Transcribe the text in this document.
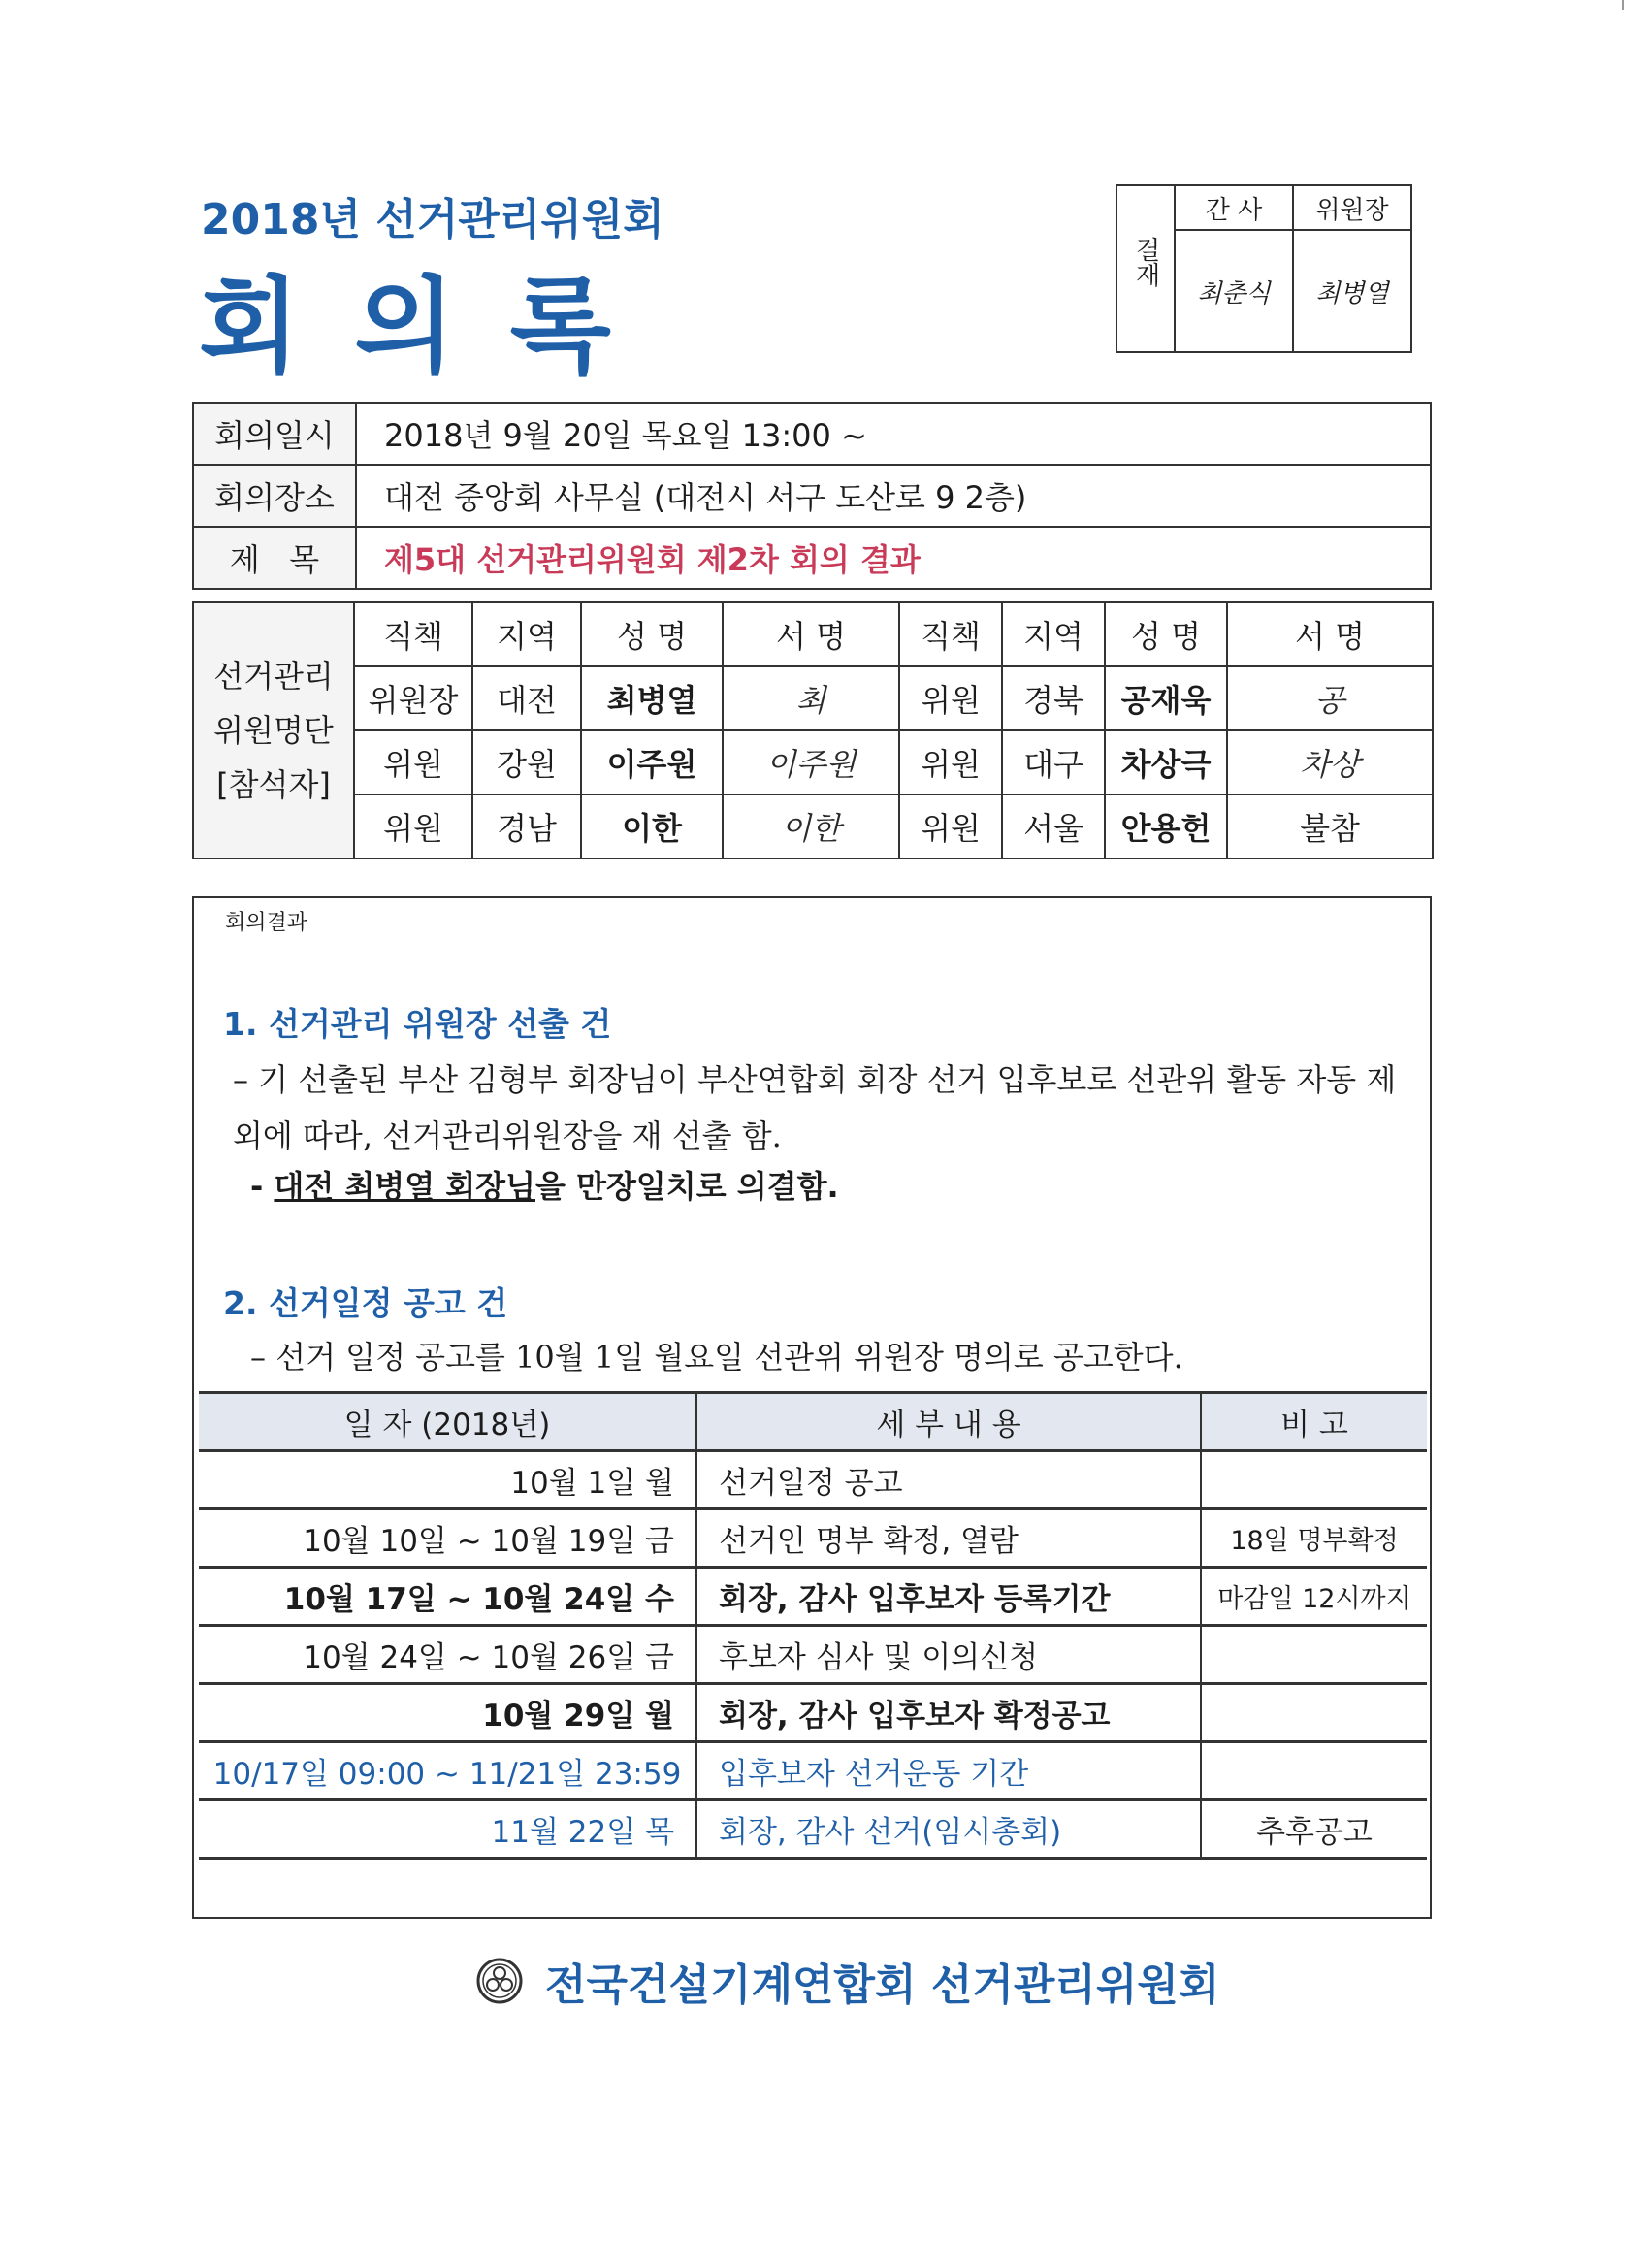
2018년 선거관리위원회
회의록
결재	간 사	위원장
	최춘식	최병열
회의일시	2018년 9월 20일 목요일 13:00 ~
회의장소	대전 중앙회 사무실 (대전시 서구 도산로 9 2층)
제   목	제5대 선거관리위원회 제2차 회의 결과
선거관리
위원명단
[참석자]	직책	지역	성 명	서 명	직책	지역	성 명	서 명
	위원장	대전	최병열	최	위원	경북	공재욱	공
	위원	강원	이주원	이주원	위원	대구	차상극	차상
	위원	경남	이한	이한	위원	서울	안용헌	불참
회의결과
1. 선거관리 위원장 선출 건
– 기 선출된 부산 김형부 회장님이 부산연합회 회장 선거 입후보로 선관위 활동 자동 제외에 따라, 선거관리위원장을 재 선출 함.
- 대전 최병열 회장님을 만장일치로 의결함.
2. 선거일정 공고 건
– 선거 일정 공고를 10월 1일 월요일 선관위 위원장 명의로 공고한다.
일 자 (2018년)	세 부 내 용	비 고
10월 1일 월	선거일정 공고	
10월 10일 ~ 10월 19일 금	선거인 명부 확정, 열람	18일 명부확정
10월 17일 ~ 10월 24일 수	회장, 감사 입후보자 등록기간	마감일 12시까지
10월 24일 ~ 10월 26일 금	후보자 심사 및 이의신청	
10월 29일 월	회장, 감사 입후보자 확정공고	
10/17일 09:00 ~ 11/21일 23:59	입후보자 선거운동 기간	
11월 22일 목	회장, 감사 선거(임시총회)	추후공고
전국건설기계연합회 선거관리위원회
